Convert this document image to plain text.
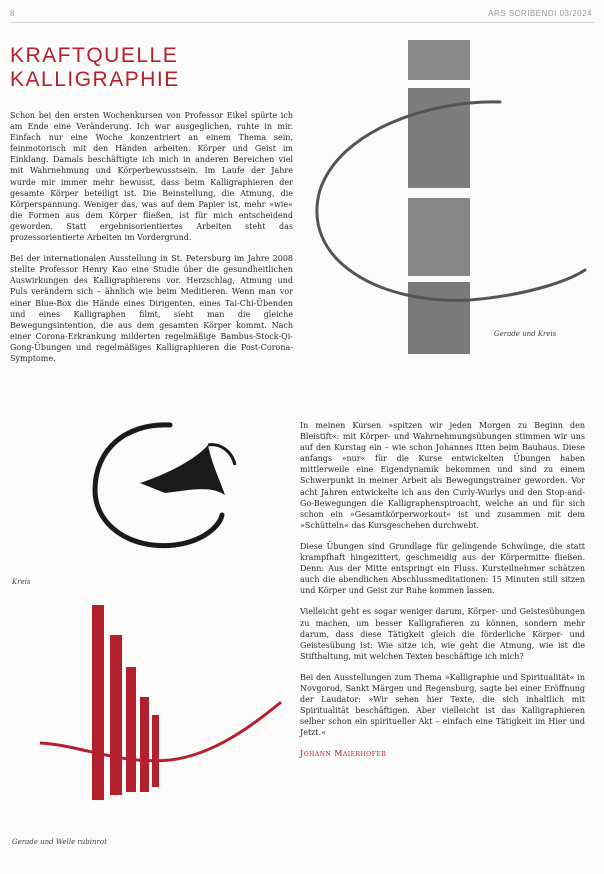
8	ARS SCRIBENDI 03/2024
KRAFTQUELLE KALLIGRAPHIE

Schon bei den ersten Wochenkursen von Professor Eikel spürte ich am Ende eine Veränderung. Ich war ausgeglichen, ruhte in mir. Einfach nur eine Woche konzentriert an einem Thema sein, feinmotorisch mit den Händen arbeiten. Körper und Geist im Einklang. Damals beschäftigte ich mich in anderen Bereichen viel mit Wahrnehmung und Körperbewusstsein. Im Laufe der Jahre wurde mir immer mehr bewusst, dass beim Kalligraphieren der gesamte Körper beteiligt ist. Die Beinstellung, die Atmung, die Körperspannung. Weniger das, was auf dem Papier ist, mehr »wie« die Formen aus dem Körper fließen, ist für mich entscheidend geworden. Statt ergebnisorientiertes Arbeiten steht das prozessorientierte Arbeiten im Vordergrund.

Bei der internationalen Ausstellung in St. Petersburg im Jahre 2008 stellte Professor Henry Kao eine Studie über die gesundheitlichen Auswirkungen des Kalligraphierens vor. Herzschlag, Atmung und Puls verändern sich – ähnlich wie beim Meditieren. Wenn man vor einer Blue-Box die Hände eines Dirigenten, eines Tai-Chi-Übenden und eines Kalligraphen filmt, sieht man die gleiche Bewegungsintention, die aus dem gesamten Körper kommt. Nach einer Corona-Erkrankung milderten regelmäßige Bambus-Stock-Qi-Gong-Übungen und regelmäßiges Kalligraphieren die Post-Corona-Symptome.

Gerade und Kreis
Kreis
Gerade und Welle rubinrot

In meinen Kursen »spitzen wir jeden Morgen zu Beginn den Bleistift«: mit Körper- und Wahrnehmungsübungen stimmen wir uns auf den Kurstag ein – wie schon Johannes Itten beim Bauhaus. Diese anfangs »nur« für die Kurse entwickelten Übungen haben mittlerweile eine Eigendynamik bekommen und sind zu einem Schwerpunkt in meiner Arbeit als Bewegungstrainer geworden. Vor acht Jahren entwickelte ich aus den Curly-Wurlys und den Stop-and-Go-Bewegungen die Kalligraphenspiroacht, welche an und für sich schon ein »Gesamtkörperworkout« ist und zusammen mit dem »Schütteln« das Kursgeschehen durchwebt.

Diese Übungen sind Grundlage für gelingende Schwünge, die statt krampfhaft hingezittert, geschmeidig aus der Körpermitte fließen. Denn: Aus der Mitte entspringt ein Fluss. Kursteilnehmer schätzen auch die abendlichen Abschlussmeditationen: 15 Minuten still sitzen und Körper und Geist zur Ruhe kommen lassen.

Vielleicht geht es sogar weniger darum, Körper- und Geistesübungen zu machen, um besser Kalligrafieren zu können, sondern mehr darum, dass diese Tätigkeit gleich die förderliche Körper- und Geistesübung ist: Wie sitze ich, wie geht die Atmung, wie ist die Stifthaltung, mit welchen Texten beschäftige ich mich?

Bei den Ausstellungen zum Thema »Kalligraphie und Spiritualität« in Novgorod, Sankt Märgen und Regensburg, sagte bei einer Eröffnung der Laudator: »Wir sehen hier Texte, die sich inhaltlich mit Spiritualität beschäftigen. Aber vielleicht ist das Kalligraphieren selber schon ein spiritueller Akt – einfach eine Tätigkeit im Hier und Jetzt.«

Johann Maierhofer
